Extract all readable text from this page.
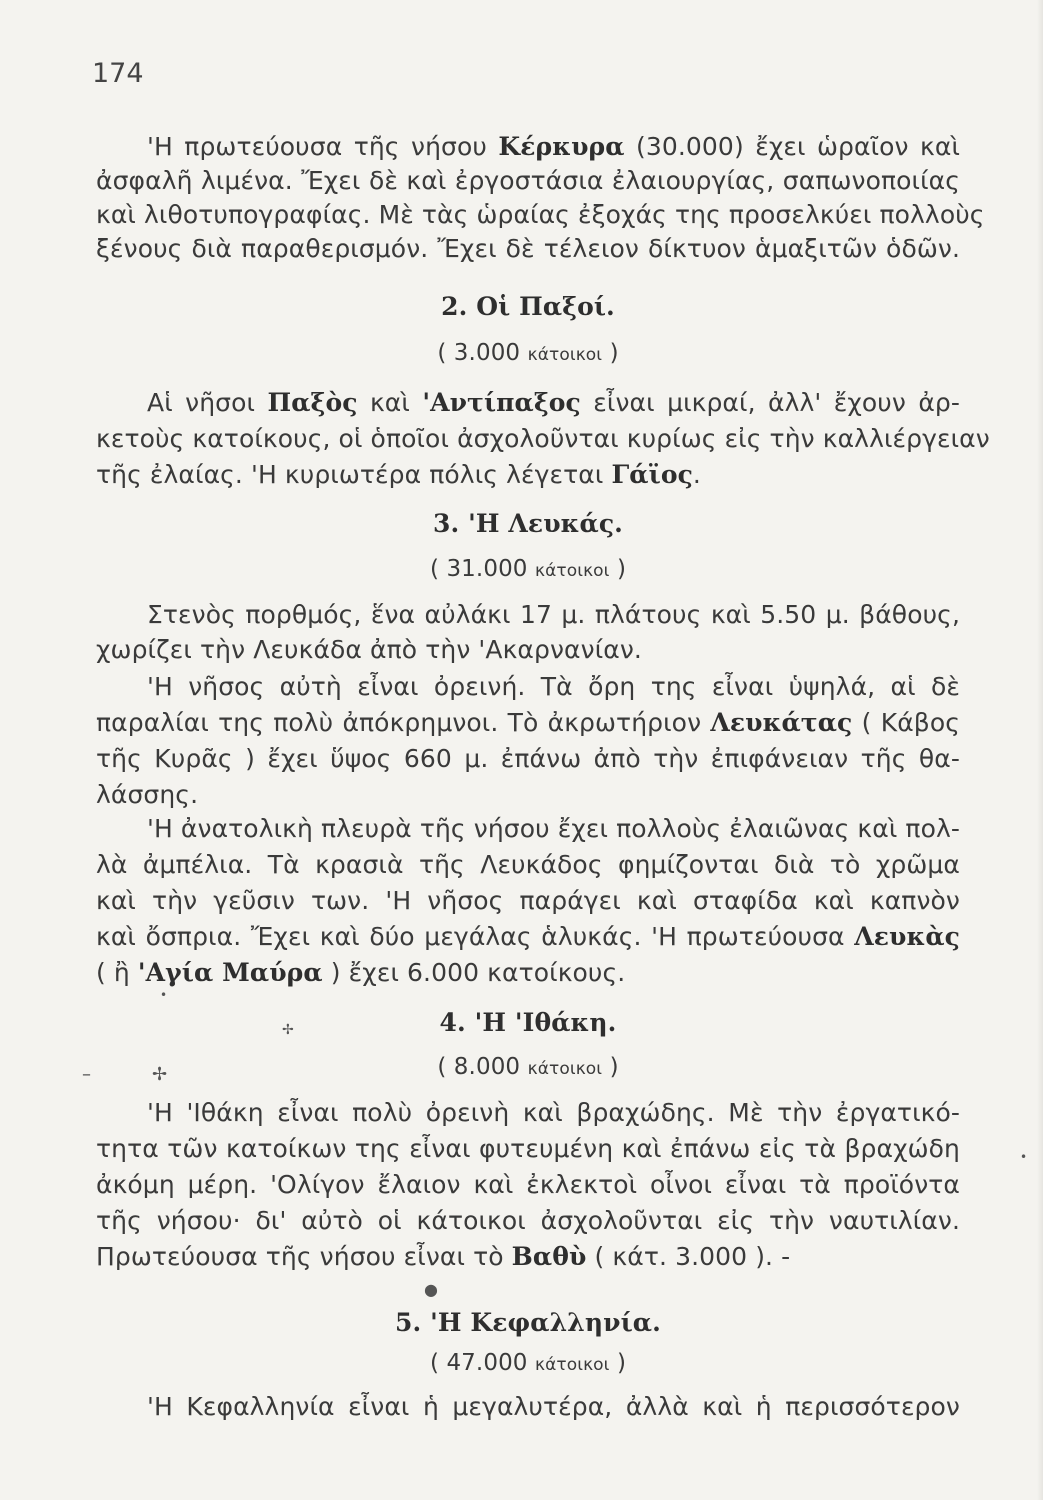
174
'Η πρωτεύουσα τῆς νήσου Κέρκυρα (30.000) ἔχει ὡραῖον καὶ
ἀσφαλῆ λιμένα. Ἔχει δὲ καὶ ἐργοστάσια ἐλαιουργίας, σαπωνοποιίας
καὶ λιθοτυπογραφίας. Μὲ τὰς ὡραίας ἐξοχάς της προσελκύει πολλοὺς
ξένους διὰ παραθερισμόν. Ἔχει δὲ τέλειον δίκτυον ἁμαξιτῶν ὁδῶν.
2. Οἱ Παξοί.
( 3.000 κάτοικοι )
Αἱ νῆσοι Παξὸς καὶ 'Αντίπαξος εἶναι μικραί, ἀλλ' ἔχουν ἀρ-
κετοὺς κατοίκους, οἱ ὁποῖοι ἀσχολοῦνται κυρίως εἰς τὴν καλλιέργειαν
τῆς ἐλαίας. 'Η κυριωτέρα πόλις λέγεται Γάϊος.
3. 'Η Λευκάς.
( 31.000 κάτοικοι )
Στενὸς πορθμός, ἕνα αὐλάκι 17 μ. πλάτους καὶ 5.50 μ. βάθους,
χωρίζει τὴν Λευκάδα ἀπὸ τὴν 'Ακαρνανίαν.
'Η νῆσος αὐτὴ εἶναι ὀρεινή. Τὰ ὄρη της εἶναι ὑψηλά, αἱ δὲ
παραλίαι της πολὺ ἀπόκρημνοι. Τὸ ἀκρωτήριον Λευκάτας ( Κάβος
τῆς Κυρᾶς ) ἔχει ὕψος 660 μ. ἐπάνω ἀπὸ τὴν ἐπιφάνειαν τῆς θα-
λάσσης.
'Η ἀνατολικὴ πλευρὰ τῆς νήσου ἔχει πολλοὺς ἐλαιῶνας καὶ πολ-
λὰ ἀμπέλια. Τὰ κρασιὰ τῆς Λευκάδος φημίζονται διὰ τὸ χρῶμα
καὶ τὴν γεῦσιν των. 'Η νῆσος παράγει καὶ σταφίδα καὶ καπνὸν
καὶ ὄσπρια. Ἔχει καὶ δύο μεγάλας ἁλυκάς. 'Η πρωτεύουσα Λευκὰς
( ἢ 'Αγία Μαύρα ) ἔχει 6.000 κατοίκους.
4. 'Η 'Ιθάκη.
( 8.000 κάτοικοι )
'Η 'Ιθάκη εἶναι πολὺ ὀρεινὴ καὶ βραχώδης. Μὲ τὴν ἐργατικό-
τητα τῶν κατοίκων της εἶναι φυτευμένη καὶ ἐπάνω εἰς τὰ βραχώδη
ἀκόμη μέρη. 'Ολίγον ἔλαιον καὶ ἐκλεκτοὶ οἶνοι εἶναι τὰ προϊόντα
τῆς νήσου· δι' αὐτὸ οἱ κάτοικοι ἀσχολοῦνται εἰς τὴν ναυτιλίαν.
Πρωτεύουσα τῆς νήσου εἶναι τὸ Βαθὺ ( κάτ. 3.000 ). -
5. 'Η Κεφαλληνία.
( 47.000 κάτοικοι )
'Η Κεφαλληνία εἶναι ἡ μεγαλυτέρα, ἀλλὰ καὶ ἡ περισσότερον
–	✢
✢
•
●
•
